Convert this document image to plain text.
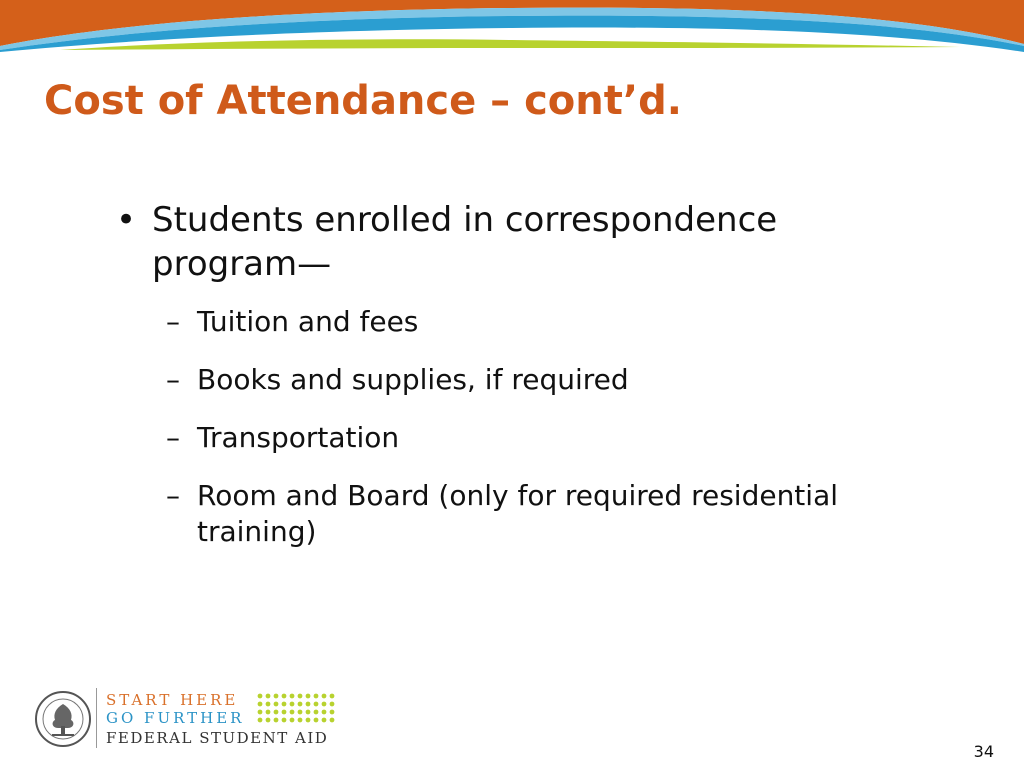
Cost of Attendance – cont’d.
• Students enrolled in correspondence program—
– Tuition and fees
– Books and supplies, if required
– Transportation
– Room and Board (only for required residential training)
START HERE
GO FURTHER
FEDERAL STUDENT AID
34
